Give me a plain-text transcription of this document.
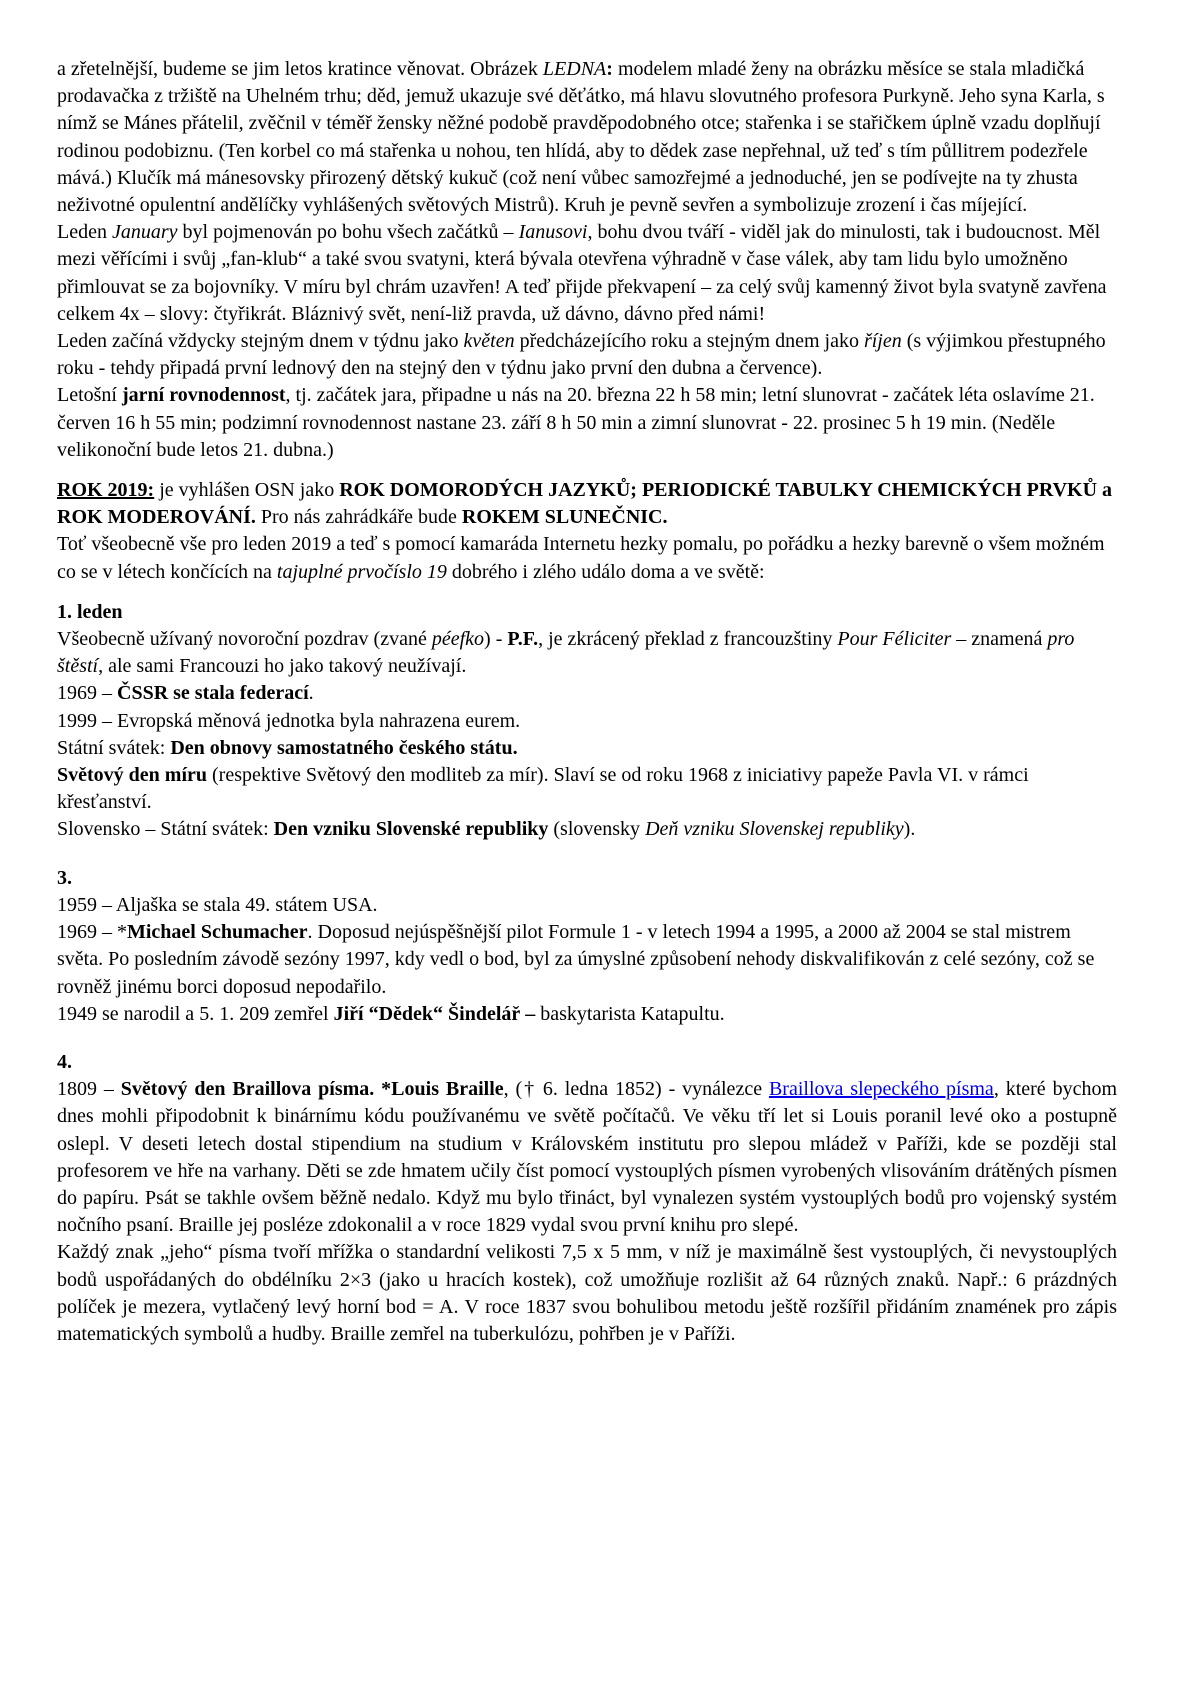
a zřetelnější, budeme se jim letos kratince věnovat. Obrázek LEDNA: modelem mladé ženy na obrázku měsíce se stala mladičká prodavačka z tržiště na Uhelném trhu; děd, jemuž ukazuje své děťátko, má hlavu slovutného profesora Purkyně. Jeho syna Karla, s nímž se Mánes přátelil, zvěčnil v téměř žensky něžné podobě pravděpodobného otce; stařenka i se stařičkem úplně vzadu doplňují rodinou podobiznu. (Ten korbel co má stařenka u nohou, ten hlídá, aby to dědek zase nepřehnal, už teď s tím půllitrem podezřele mává.) Klučík má mánesovsky přirozený dětský kukuč (což není vůbec samozřejmé a jednoduché, jen se podívejte na ty zhusta neživotné opulentní andělíčky vyhlášených světových Mistrů). Kruh je pevně sevřen a symbolizuje zrození i čas míjející.

Leden January byl pojmenován po bohu všech začátků – Ianusovi, bohu dvou tváří - viděl jak do minulosti, tak i budoucnost. Měl mezi věřícími i svůj „fan-klub“ a také svou svatyni, která bývala otevřena výhradně v čase válek, aby tam lidu bylo umožněno přimlouvat se za bojovníky. V míru byl chrám uzavřen! A teď přijde překvapení – za celý svůj kamenný život byla svatyně zavřena celkem 4x – slovy: čtyřikrát. Bláznivý svět, není-liž pravda, už dávno, dávno před námi!

Leden začíná vždycky stejným dnem v týdnu jako květen předcházejícího roku a stejným dnem jako říjen (s výjimkou přestupného roku - tehdy připadá první lednový den na stejný den v týdnu jako první den dubna a července).

Letošní jarní rovnodennost, tj. začátek jara, připadne u nás na 20. března 22 h 58 min; letní slunovrat - začátek léta oslavíme 21. červen 16 h 55 min; podzimní rovnodennost nastane 23. září 8 h 50 min a zimní slunovrat - 22. prosinec 5 h 19 min. (Neděle velikonoční bude letos 21. dubna.)

ROK 2019: je vyhlášen OSN jako ROK DOMORODÝCH JAZYKŮ; PERIODICKÉ TABULKY CHEMICKÝCH PRVKŮ a ROK MODEROVÁNÍ. Pro nás zahrádkáře bude ROKEM SLUNEČNIC.

Toť všeobecně vše pro leden 2019 a teď s pomocí kamaráda Internetu hezky pomalu, po pořádku a hezky barevně o všem možném co se v létech končících na tajuplné prvočíslo 19 dobrého i zlého událo doma a ve světě:

1. leden

Všeobecně užívaný novoroční pozdrav (zvané péefko) - P.F., je zkrácený překlad z francouzštiny Pour Féliciter – znamená pro štěstí, ale sami Francouzi ho jako takový neužívají.

1969 – ČSSR se stala federací.

1999 – Evropská měnová jednotka byla nahrazena eurem.

Státní svátek: Den obnovy samostatného českého státu.

Světový den míru (respektive Světový den modliteb za mír). Slaví se od roku 1968 z iniciativy papeže Pavla VI. v rámci křesťanství.

Slovensko – Státní svátek: Den vzniku Slovenské republiky (slovensky Deň vzniku Slovenskej republiky).

3.

1959 – Aljaška se stala 49. státem USA.

1969 – *Michael Schumacher. Doposud nejúspěšnější pilot Formule 1 - v letech 1994 a 1995, a 2000 až 2004 se stal mistrem světa. Po posledním závodě sezóny 1997, kdy vedl o bod, byl za úmyslné způsobení nehody diskvalifikován z celé sezóny, což se rovněž jinému borci doposud nepodařilo.

1949 se narodil a 5. 1. 209 zemřel Jiří “Dědek“ Šindelář – baskytarista Katapultu.

4.

1809 – Světový den Braillova písma. *Louis Braille, († 6. ledna 1852) - vynálezce Braillova slepeckého písma, které bychom dnes mohli připodobnit k binárnímu kódu používanému ve světě počítačů. Ve věku tří let si Louis poranil levé oko a postupně oslepl. V deseti letech dostal stipendium na studium v Královském institutu pro slepou mládež v Paříži, kde se později stal profesorem ve hře na varhany. Děti se zde hmatem učily číst pomocí vystouplých písmen vyrobených vlisováním drátěných písmen do papíru. Psát se takhle ovšem běžně nedalo. Když mu bylo třináct, byl vynalezen systém vystouplých bodů pro vojenský systém nočního psaní. Braille jej posléze zdokonalil a v roce 1829 vydal svou první knihu pro slepé.

Každý znak „jeho“ písma tvoří mřížka o standardní velikosti 7,5 x 5 mm, v níž je maximálně šest vystouplých, či nevystouplých bodů uspořádaných do obdélníku 2×3 (jako u hracích kostek), což umožňuje rozlišit až 64 různých znaků. Např.: 6 prázdných políček je mezera, vytlačený levý horní bod = A. V roce 1837 svou bohulibou metodu ještě rozšířil přidáním znamének pro zápis matematických symbolů a hudby. Braille zemřel na tuberkulózu, pohřben je v Paříži.
